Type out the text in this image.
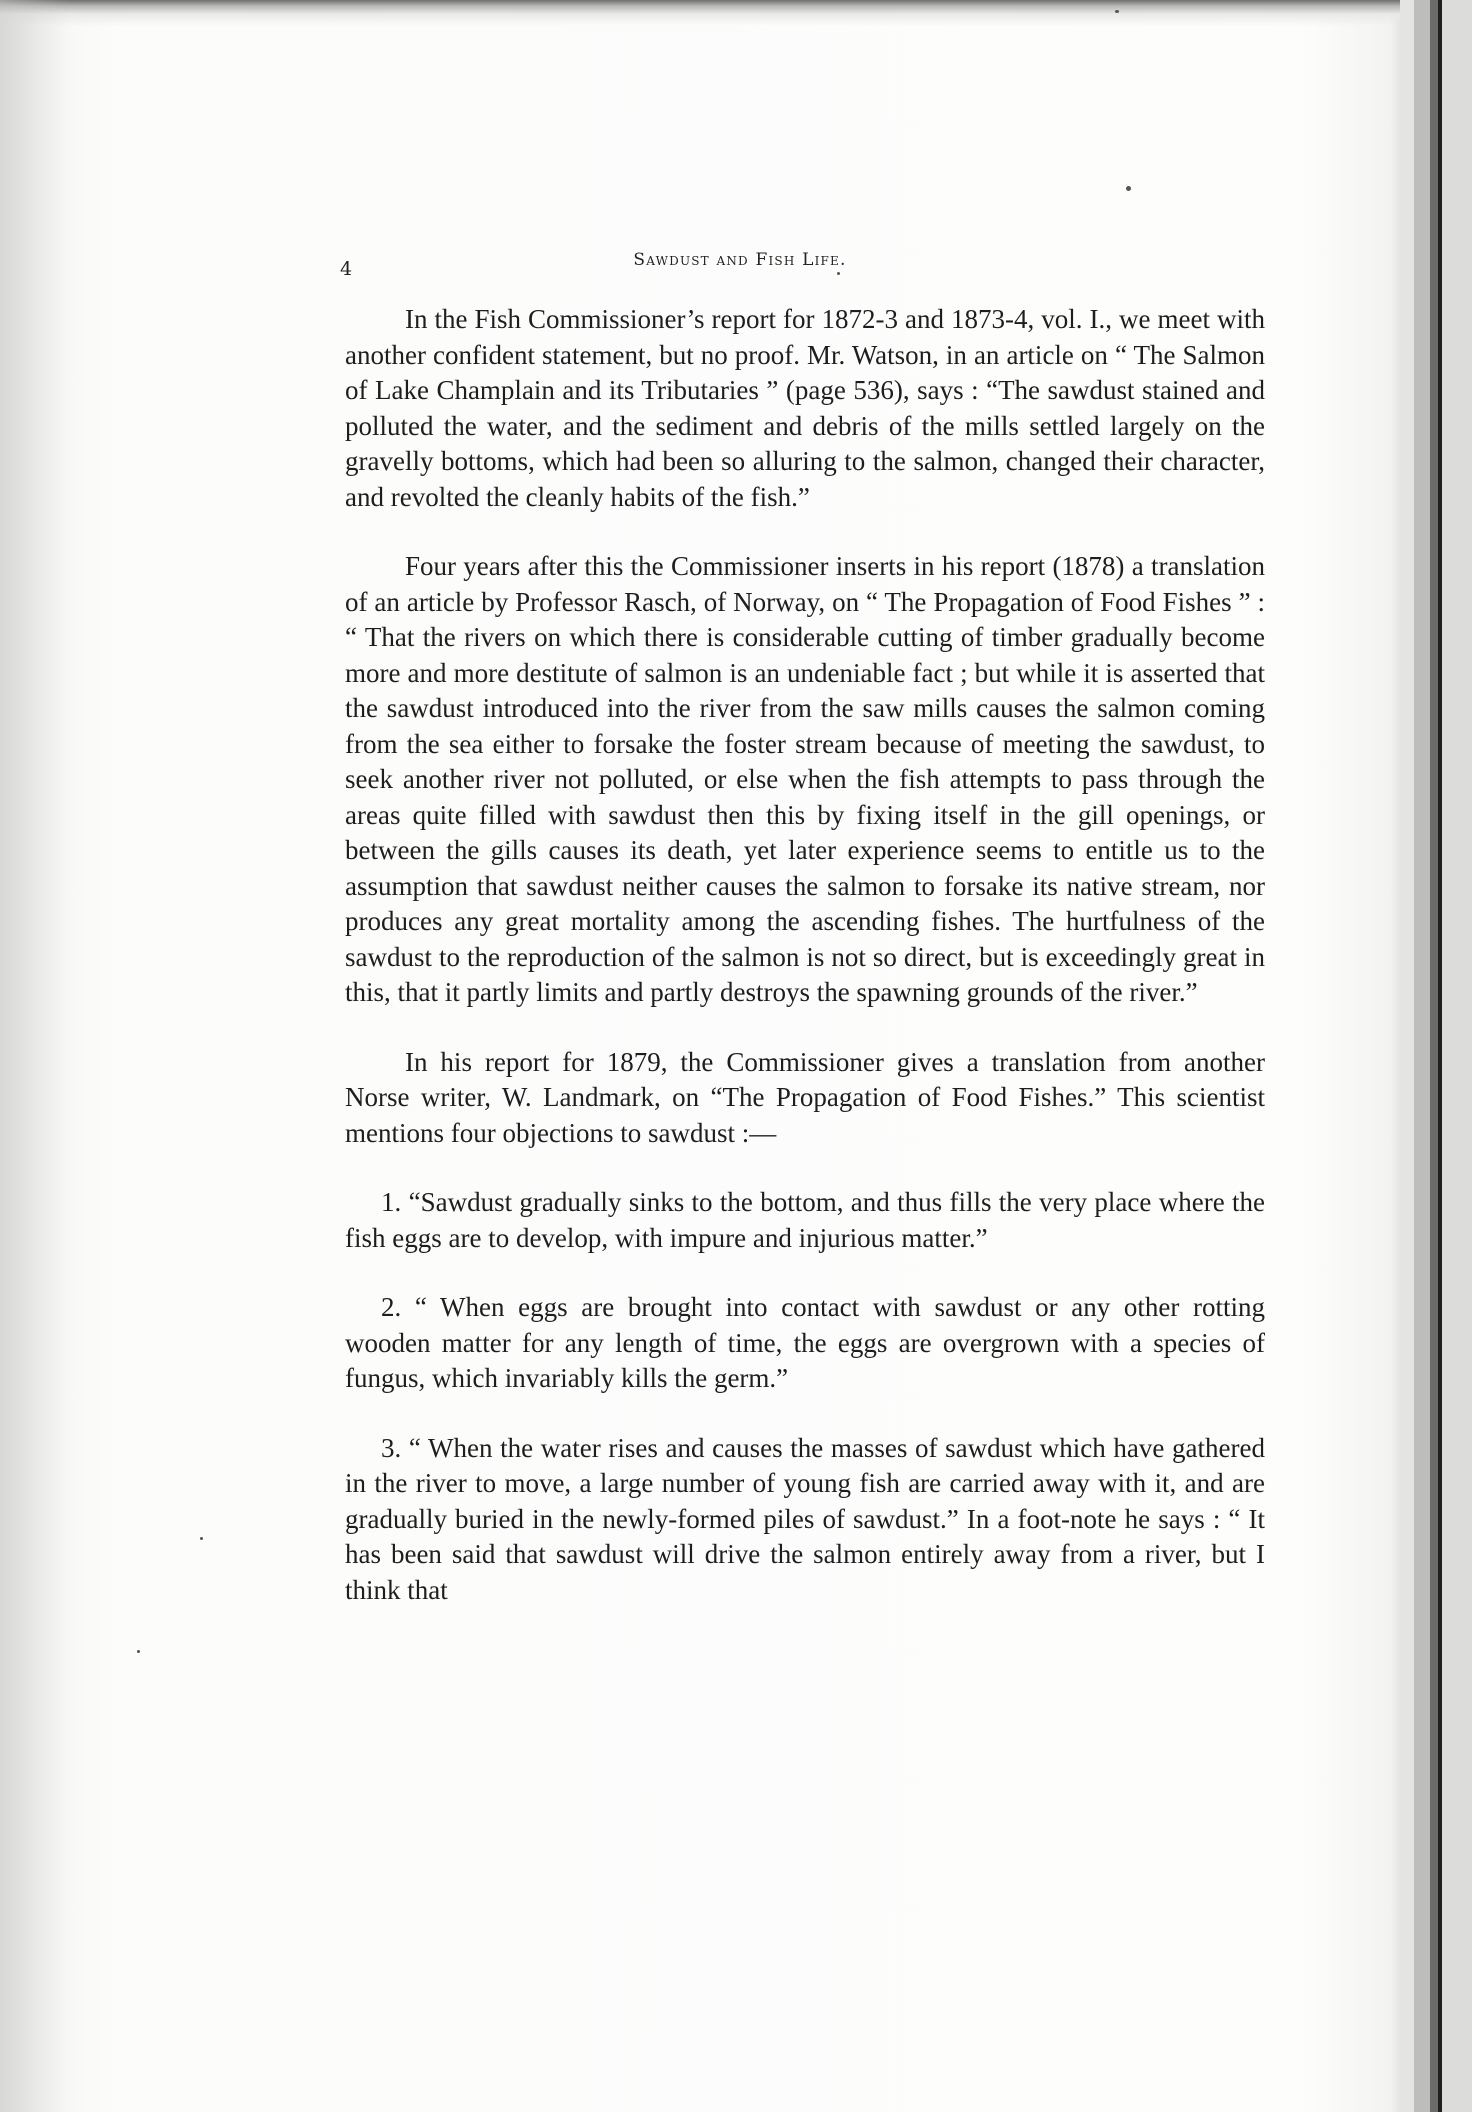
4	Sawdust and Fish Life.

In the Fish Commissioner’s report for 1872-3 and 1873-4, vol. I., we meet with another confident statement, but no proof. Mr. Watson, in an article on “ The Salmon of Lake Champlain and its Tributaries ” (page 536), says : “The sawdust stained and polluted the water, and the sediment and debris of the mills settled largely on the gravelly bottoms, which had been so alluring to the salmon, changed their character, and revolted the cleanly habits of the fish.”

Four years after this the Commissioner inserts in his report (1878) a translation of an article by Professor Rasch, of Norway, on “ The Propagation of Food Fishes ” : “ That the rivers on which there is considerable cutting of timber gradually become more and more destitute of salmon is an undeniable fact ; but while it is asserted that the sawdust introduced into the river from the saw mills causes the salmon coming from the sea either to forsake the foster stream because of meeting the sawdust, to seek another river not polluted, or else when the fish attempts to pass through the areas quite filled with sawdust then this by fixing itself in the gill openings, or between the gills causes its death, yet later experience seems to entitle us to the assumption that sawdust neither causes the salmon to forsake its native stream, nor produces any great mortality among the ascending fishes. The hurtfulness of the sawdust to the reproduction of the salmon is not so direct, but is exceedingly great in this, that it partly limits and partly destroys the spawning grounds of the river.”

In his report for 1879, the Commissioner gives a translation from another Norse writer, W. Landmark, on “The Propagation of Food Fishes.” This scientist mentions four objections to sawdust :—

1. “Sawdust gradually sinks to the bottom, and thus fills the very place where the fish eggs are to develop, with impure and injurious matter.”

2. “ When eggs are brought into contact with sawdust or any other rotting wooden matter for any length of time, the eggs are overgrown with a species of fungus, which invariably kills the germ.”

3. “ When the water rises and causes the masses of sawdust which have gathered in the river to move, a large number of young fish are carried away with it, and are gradually buried in the newly-formed piles of sawdust.” In a foot-note he says : “ It has been said that sawdust will drive the salmon entirely away from a river, but I think that
